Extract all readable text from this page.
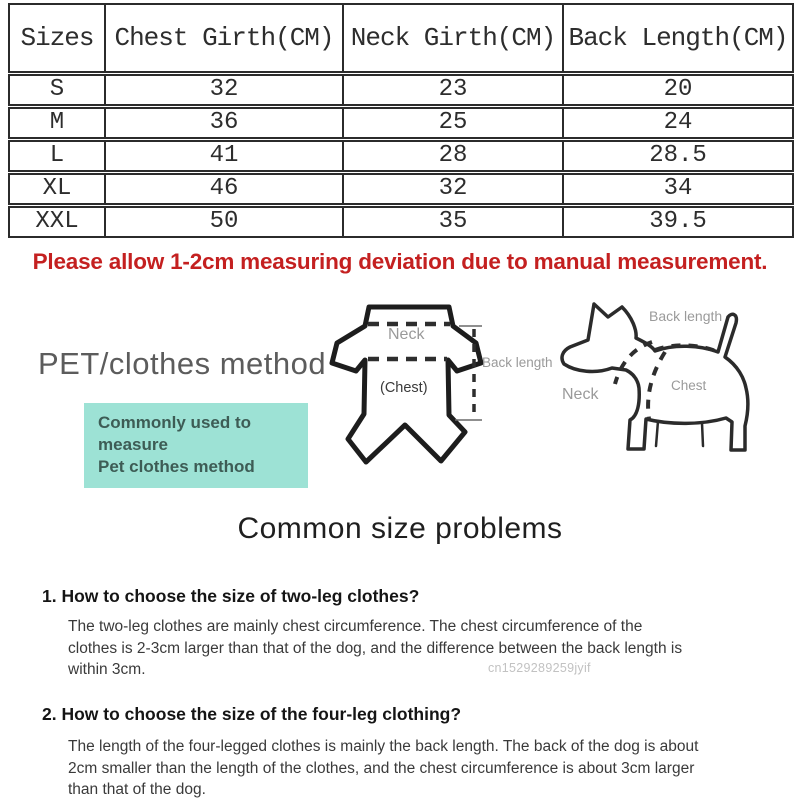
Sizes	Chest Girth(CM)	Neck Girth(CM)	Back Length(CM)
S	32	23	20
M	36	25	24
L	41	28	28.5
XL	46	32	34
XXL	50	35	39.5
Please allow 1-2cm measuring deviation due to manual measurement.
PET/clothes method
Commonly used to measure
Pet clothes method
Neck
(Chest)
Back length
Back length
Neck
Chest
Common size problems
1. How to choose the size of two-leg clothes?
The two-leg clothes are mainly chest circumference. The chest circumference of the
clothes is 2-3cm larger than that of the dog, and the difference between the back length is
within 3cm.	cn1529289259jyif
2. How to choose the size of the four-leg clothing?
The length of the four-legged clothes is mainly the back length. The back of the dog is about
2cm smaller than the length of the clothes, and the chest circumference is about 3cm larger
than that of the dog.
